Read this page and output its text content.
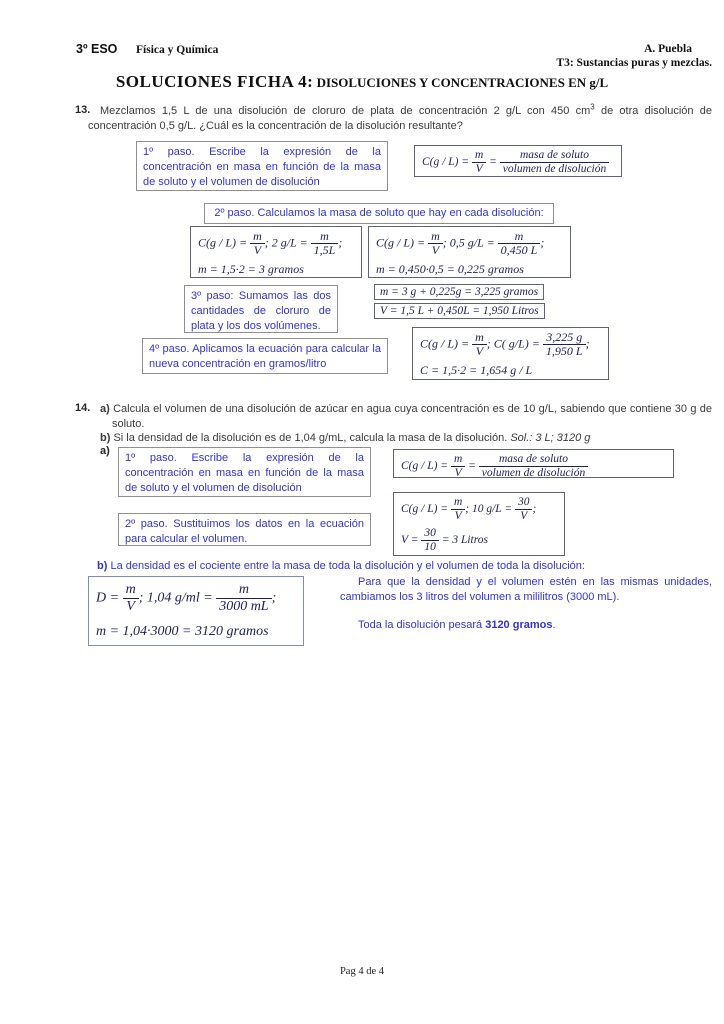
3º ESO Física y Química	A. Puebla
T3: Sustancias puras y mezclas.
SOLUCIONES FICHA 4: DISOLUCIONES Y CONCENTRACIONES EN g/L
13. Mezclamos 1,5 L de una disolución de cloruro de plata de concentración 2 g/L con 450 $cm^3$ de otra disolución de concentración 0,5 g/L. ¿Cuál es la concentración de la disolución resultante?
1º paso. Escribe la expresión de la concentración en masa en función de la masa de soluto y el volumen de disolución
$C(g / L) = \frac{m}{V} = \frac{\text{masa de soluto}}{\text{volumen de disolución}}$
2º paso. Calculamos la masa de soluto que hay en cada disolución:
$C(g / L) = \frac{m}{V}$ ; 2 $g/L = \frac{m}{1,5L}$ ;
m = 1,5·2 = 3 gramos
$C(g / L) = \frac{m}{V}$ ; 0,5 $g/L = \frac{m}{0,450 L}$ ;
m = 0,450·0,5 = 0,225 gramos
3º paso: Sumamos las dos cantidades de cloruro de plata y los dos volúmenes.
m = 3 g + 0,225g = 3,225 gramos
V = 1,5 L + 0,450L = 1,950 Litros
4º paso. Aplicamos la ecuación para calcular la nueva concentración en gramos/litro
$C(g / L) = \frac{m}{V}$ ; C( $g/L) = \frac{3,225 g}{1,950 L}$ ;
C = 1,5·2 = 1,654 g / L
14. a) Calcula el volumen de una disolución de azúcar en agua cuya concentración es de 10 g/L, sabiendo que contiene 30 g de soluto.
b) Si la densidad de la disolución es de 1,04 g/mL, calcula la masa de la disolución. Sol.: 3 L; 3120 g
a)
1º paso. Escribe la expresión de la concentración en masa en función de la masa de soluto y el volumen de disolución
$C(g / L) = \frac{m}{V} = \frac{\text{masa de soluto}}{\text{volumen de disolución}}$
2º paso. Sustituimos los datos en la ecuación para calcular el volumen.
$C(g / L) = \frac{m}{V}$ ; 10 $g/L = \frac{30}{V}$ ;
$V = \frac{30}{10} = 3$ Litros
b) La densidad es el cociente entre la masa de toda la disolución y el volumen de toda la disolución:
$D = \frac{m}{V}$ ; 1,04 $g/ml = \frac{m}{3000 mL}$ ;
m = 1,04·3000 = 3120 gramos

Para que la densidad y el volumen estén en las mismas unidades, cambiamos los 3 litros del volumen a mililitros (3000 mL).

Toda la disolución pesará 3120 gramos.

Pag 4 de 4
